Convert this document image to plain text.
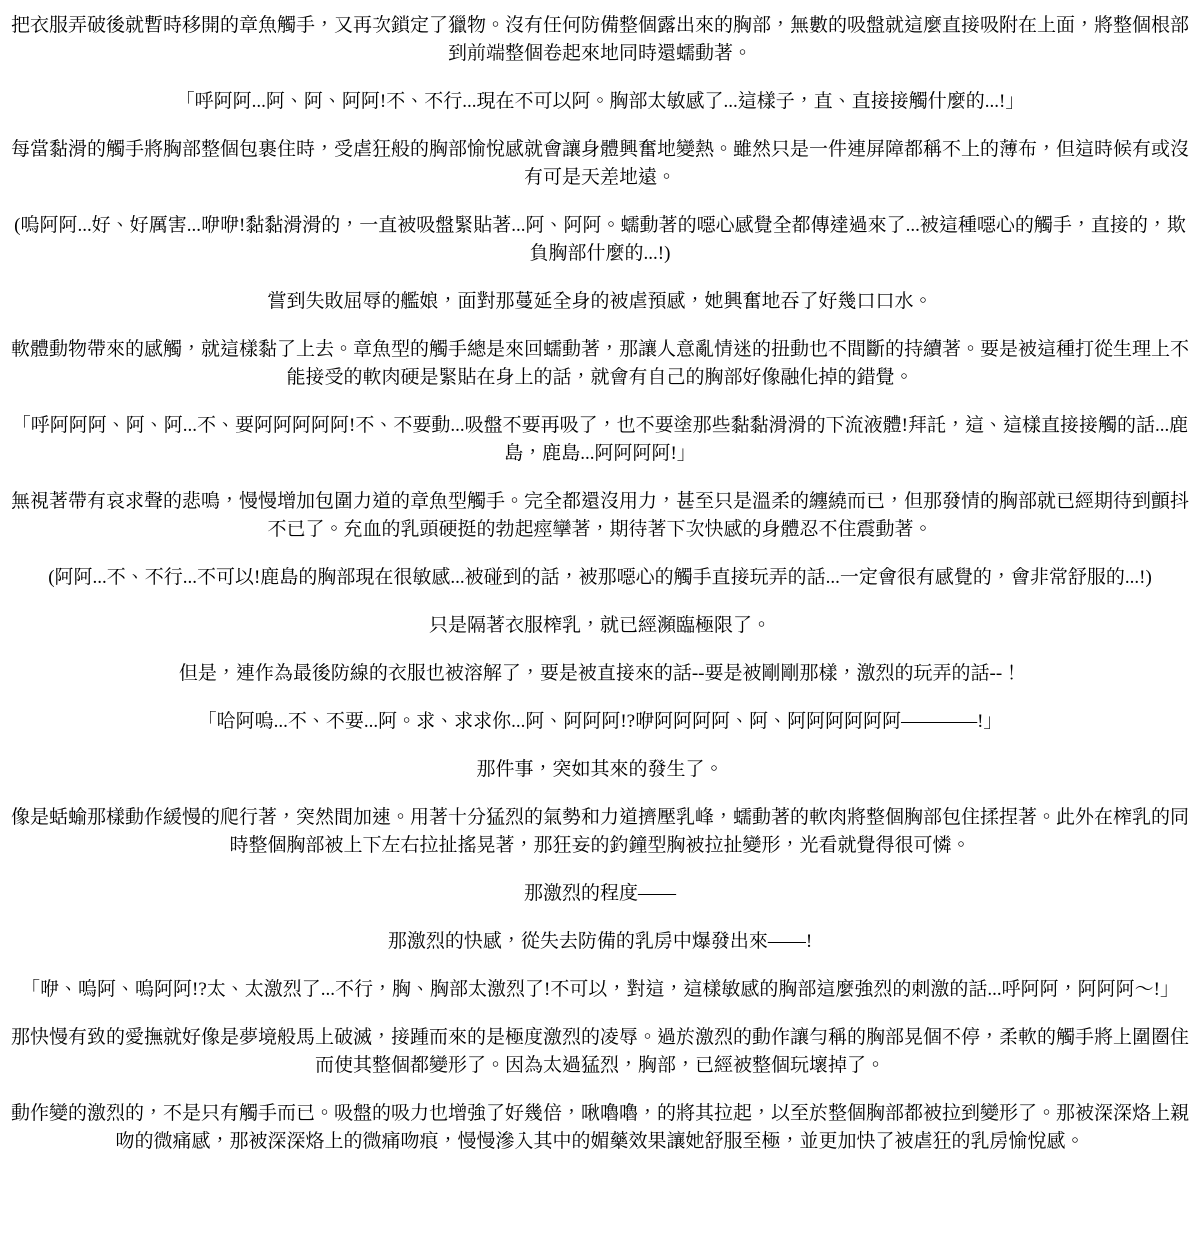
把衣服弄破後就暫時移開的章魚觸手，又再次鎖定了獵物。沒有任何防備整個露出來的胸部，無數的吸盤就這麼直接吸附在上面，將整個根部到前端整個卷起來地同時還蠕動著。

「呼阿阿...阿、阿、阿阿!不、不行...現在不可以阿。胸部太敏感了...這樣子，直、直接接觸什麼的...!」

每當黏滑的觸手將胸部整個包裹住時，受虐狂般的胸部愉悅感就會讓身體興奮地變熱。雖然只是一件連屏障都稱不上的薄布，但這時候有或沒有可是天差地遠。

(嗚阿阿...好、好厲害...咿咿!黏黏滑滑的，一直被吸盤緊貼著...阿、阿阿。蠕動著的噁心感覺全都傳達過來了...被這種噁心的觸手，直接的，欺負胸部什麼的...!)

嘗到失敗屈辱的艦娘，面對那蔓延全身的被虐預感，她興奮地吞了好幾口口水。

軟體動物帶來的感觸，就這樣黏了上去。章魚型的觸手總是來回蠕動著，那讓人意亂情迷的扭動也不間斷的持續著。要是被這種打從生理上不能接受的軟肉硬是緊貼在身上的話，就會有自己的胸部好像融化掉的錯覺。

「呼阿阿阿、阿、阿...不、要阿阿阿阿阿!不、不要動...吸盤不要再吸了，也不要塗那些黏黏滑滑的下流液體!拜託，這、這樣直接接觸的話...鹿島，鹿島...阿阿阿阿!」

無視著帶有哀求聲的悲鳴，慢慢增加包圍力道的章魚型觸手。完全都還沒用力，甚至只是溫柔的纏繞而已，但那發情的胸部就已經期待到顫抖不已了。充血的乳頭硬挺的勃起痙攣著，期待著下次快感的身體忍不住震動著。

(阿阿...不、不行...不可以!鹿島的胸部現在很敏感...被碰到的話，被那噁心的觸手直接玩弄的話...一定會很有感覺的，會非常舒服的...!)

只是隔著衣服榨乳，就已經瀕臨極限了。

但是，連作為最後防線的衣服也被溶解了，要是被直接來的話--要是被剛剛那樣，激烈的玩弄的話--！

「哈阿嗚...不、不要...阿。求、求求你...阿、阿阿阿!?咿阿阿阿阿、阿、阿阿阿阿阿阿————!」

那件事，突如其來的發生了。

像是蛞蝓那樣動作緩慢的爬行著，突然間加速。用著十分猛烈的氣勢和力道擠壓乳峰，蠕動著的軟肉將整個胸部包住揉捏著。此外在榨乳的同時整個胸部被上下左右拉扯搖晃著，那狂妄的釣鐘型胸被拉扯變形，光看就覺得很可憐。

那激烈的程度——

那激烈的快感，從失去防備的乳房中爆發出來——!

「咿、嗚阿、嗚阿阿!?太、太激烈了...不行，胸、胸部太激烈了!不可以，對這，這樣敏感的胸部這麼強烈的刺激的話...呼阿阿，阿阿阿～!」

那快慢有致的愛撫就好像是夢境般馬上破滅，接踵而來的是極度激烈的凌辱。過於激烈的動作讓勻稱的胸部晃個不停，柔軟的觸手將上圍圈住而使其整個都變形了。因為太過猛烈，胸部，已經被整個玩壞掉了。

動作變的激烈的，不是只有觸手而已。吸盤的吸力也增強了好幾倍，啾嚕嚕，的將其拉起，以至於整個胸部都被拉到變形了。那被深深烙上親吻的微痛感，那被深深烙上的微痛吻痕，慢慢滲入其中的媚藥效果讓她舒服至極，並更加快了被虐狂的乳房愉悅感。
